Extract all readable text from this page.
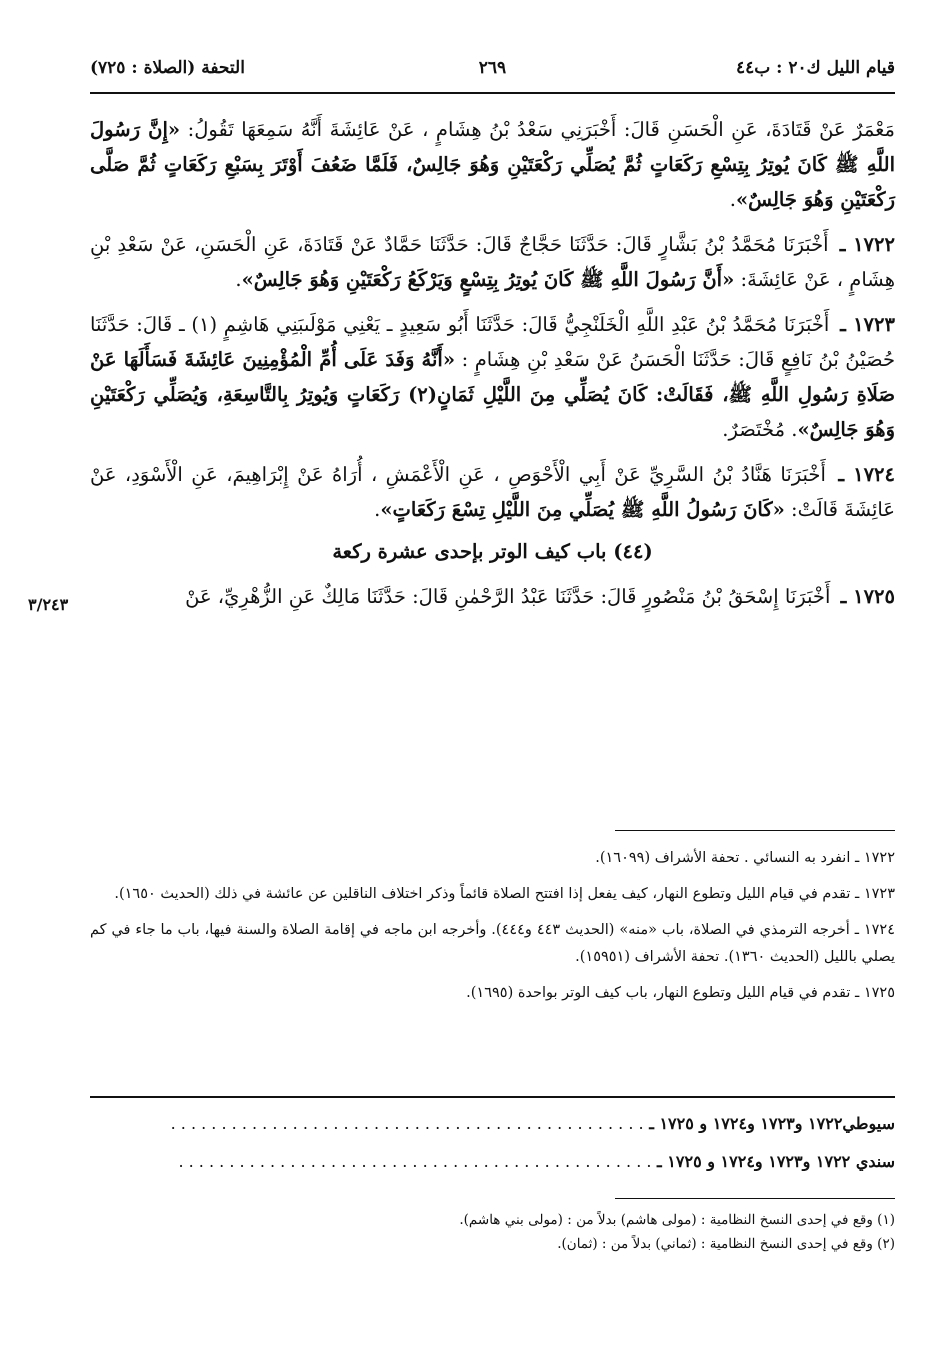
قيام الليل ك٢٠ : ب٤٤
٢٦٩
التحفة (الصلاة : ٧٢٥)
٣/٢٤٣

مَعْمَرٌ عَنْ قَتَادَةَ، عَنِ الْحَسَنِ قَالَ: أَخْبَرَنِي سَعْدُ بْنُ هِشَامٍ ، عَنْ عَائِشَةَ أَنَّهُ سَمِعَهَا تَقُولُ: «إِنَّ رَسُولَ اللَّهِ ﷺ كَانَ يُوتِرُ بِتِسْعِ رَكَعَاتٍ ثُمَّ يُصَلِّي رَكْعَتَيْنِ وَهُوَ جَالِسٌ، فَلَمَّا ضَعُفَ أَوْتَرَ بِسَبْعِ رَكَعَاتٍ ثُمَّ صَلَّى رَكْعَتَيْنِ وَهُوَ جَالِسٌ».

١٧٢٢ ـ أَخْبَرَنَا مُحَمَّدُ بْنُ بَشَّارٍ قَالَ: حَدَّثَنَا حَجَّاجٌ قَالَ: حَدَّثَنَا حَمَّادٌ عَنْ قَتَادَةَ، عَنِ الْحَسَنِ، عَنْ سَعْدِ بْنِ هِشَامٍ ، عَنْ عَائِشَةَ: «أَنَّ رَسُولَ اللَّهِ ﷺ كَانَ يُوتِرُ بِتِسْعٍ وَيَرْكَعُ رَكْعَتَيْنِ وَهُوَ جَالِسٌ».

١٧٢٣ ـ أَخْبَرَنَا مُحَمَّدُ بْنُ عَبْدِ اللَّهِ الْخَلَنْجِيُّ قَالَ: حَدَّثَنَا أَبُو سَعِيدٍ ـ يَعْنِي مَوْلَىبَنِي هَاشِمٍ (١) ـ قَالَ: حَدَّثَنَا حُصَيْنُ بْنُ نَافِعٍ قَالَ: حَدَّثَنَا الْحَسَنُ عَنْ سَعْدِ بْنِ هِشَامٍ : «أَنَّهُ وَفَدَ عَلَى أُمِّ الْمُؤْمِنِينَ عَائِشَةَ فَسَأَلَهَا عَنْ صَلَاةِ رَسُولِ اللَّهِ ﷺ، فَقَالَتْ: كَانَ يُصَلِّي مِنَ اللَّيْلِ ثَمَانٍ(٢) رَكَعَاتٍ وَيُوتِرُ بِالتَّاسِعَةِ، وَيُصَلِّي رَكْعَتَيْنِ وَهُوَ جَالِسٌ». مُخْتَصَرٌ.

١٧٢٤ ـ أَخْبَرَنَا هَنَّادُ بْنُ السَّرِيِّ عَنْ أَبِي الْأَحْوَصِ ، عَنِ الْأَعْمَشِ ، أُرَاهُ عَنْ إِبْرَاهِيمَ، عَنِ الْأَسْوَدِ، عَنْ عَائِشَةَ قَالَتْ: «كَانَ رَسُولُ اللَّهِ ﷺ يُصَلِّي مِنَ اللَّيْلِ تِسْعَ رَكَعَاتٍ».

(٤٤) باب كيف الوتر بإحدى عشرة ركعة

١٧٢٥ ـ أَخْبَرَنَا إِسْحَقُ بْنُ مَنْصُورٍ قَالَ: حَدَّثَنَا عَبْدُ الرَّحْمٰنِ قَالَ: حَدَّثَنَا مَالِكٌ عَنِ الزُّهْرِيِّ، عَنْ

١٧٢٢ ـ انفرد به النسائي . تحفة الأشراف (١٦٠٩٩).

١٧٢٣ ـ تقدم في قيام الليل وتطوع النهار، كيف يفعل إذا افتتح الصلاة قائماً وذكر اختلاف الناقلين عن عائشة في ذلك (الحديث ١٦٥٠).

١٧٢٤ ـ أخرجه الترمذي في الصلاة، باب «منه» (الحديث ٤٤٣ و٤٤٤). وأخرجه ابن ماجه في إقامة الصلاة والسنة فيها، باب ما جاء في كم يصلي بالليل (الحديث ١٣٦٠). تحفة الأشراف (١٥٩٥١).

١٧٢٥ ـ تقدم في قيام الليل وتطوع النهار، باب كيف الوتر بواحدة (١٦٩٥).

سيوطي١٧٢٢ و١٧٢٣ و١٧٢٤ و ١٧٢٥ ـ . . . . . . . . . . . . . . . . . . . . . . . . . . . . . . . . . . . . . . . . . . . . . . .
سندي ١٧٢٢ و١٧٢٣ و١٧٢٤ و ١٧٢٥ ـ . . . . . . . . . . . . . . . . . . . . . . . . . . . . . . . . . . . . . . . . . . . . . . .

(١) وقع في إحدى النسخ النظامية : (مولى هاشم) بدلاً من : (مولى بني هاشم).

(٢) وقع في إحدى النسخ النظامية : (ثماني) بدلاً من : (ثمان).
